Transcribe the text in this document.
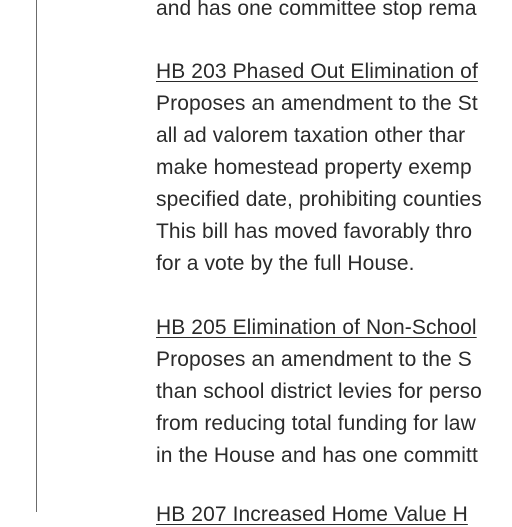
and has one committee stop rema
HB 203 Phased Out Elimination of
Proposes an amendment to the St
all ad valorem taxation other thar
make homestead property exemp
specified date, prohibiting counties
This bill has moved favorably thro
for a vote by the full House.
HB 205 Elimination of Non-School
Proposes an amendment to the S
than school district levies for perso
from reducing total funding for law
in the House and has one committ
HB 207 Increased Home Value H
